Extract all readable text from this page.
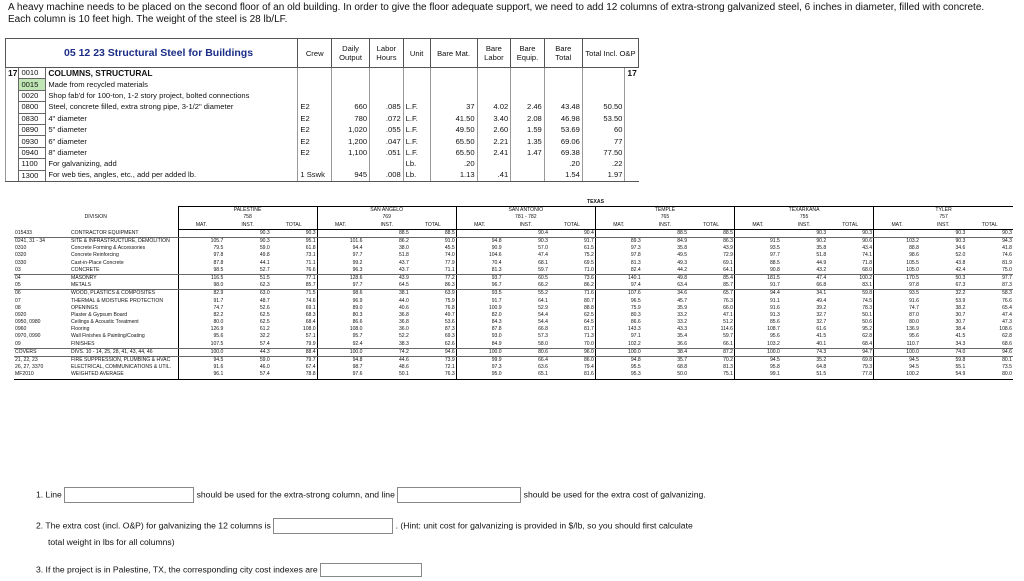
A heavy machine needs to be placed on the second floor of an old building. In order to give the floor adequate support, we need to add 12 columns of extra-strong galvanized steel, 6 inches in diameter, filled with concrete. Each column is 10 feet high. The weight of the steel is 28 lb/LF.
05 12 23 Structural Steel for Buildings			Crew	Daily Output	Labor Hours	Unit	Bare Mat.	Bare Labor	Bare Equip.	Bare Total	Total Incl. O&P	
17	0010	COLUMNS, STRUCTURAL										17
	0015	Made from recycled materials										
	0020	Shop fab'd for 100-ton, 1-2 story project, bolted connections										
	0800	Steel, concrete filled, extra strong pipe, 3-1/2" diameter	E2	660	.085	L.F.	37	4.02	2.46	43.48	50.50	
	0830	4" diameter	E2	780	.072	L.F.	41.50	3.40	2.08	46.98	53.50	
	0890	5" diameter	E2	1,020	.055	L.F.	49.50	2.60	1.59	53.69	60	
	0930	6" diameter	E2	1,200	.047	L.F.	65.50	2.21	1.35	69.06	77	
	0940	8" diameter	E2	1,100	.051	L.F.	65.50	2.41	1.47	69.38	77.50	
	1100	For galvanizing, add				Lb.	.20			.20	.22	
	1300	For web ties, angles, etc., add per added lb.	1 Sswk	945	.008	Lb.	1.13	.41		1.54	1.97	
		TEXAS																	
DIVISION		PALESTINE			SAN ANGELO			SAN ANTONIO			TEMPLE			TEXARKANA			TYLER		
		758			769			781 - 782			765			755			757		
		MAT.	INST.	TOTAL	MAT.	INST.	TOTAL	MAT.	INST.	TOTAL	MAT.	INST.	TOTAL	MAT.	INST.	TOTAL	MAT.	INST.	TOTAL
015433	CONTRACTOR EQUIPMENT		90.3	90.3		88.5	88.5		90.4	90.4		88.5	88.5		90.3	90.3		90.3	90.3
0241, 31 - 34	SITE & INFRASTRUCTURE, DEMOLITION	105.7	90.3	95.1	101.6	86.2	91.0	94.8	90.3	91.7	89.3	84.9	86.3	91.5	90.2	90.6	103.2	90.3	94.3
0310	Concrete Forming & Accessories	79.5	59.0	61.8	94.4	38.0	45.5	90.9	57.0	61.5	97.3	35.8	43.9	93.5	35.8	43.4	88.8	34.6	41.8
0320	Concrete Reinforcing	97.8	49.8	73.1	97.7	51.8	74.0	104.6	47.4	75.2	97.8	49.5	72.9	97.7	51.8	74.1	98.6	52.0	74.6
0330	Cast-in-Place Concrete	87.8	44.1	71.1	99.2	43.7	77.9	70.4	68.1	69.5	81.3	49.3	69.1	88.5	44.9	71.8	105.5	43.8	81.9
03	CONCRETE	98.5	52.7	76.6	96.3	43.7	71.1	81.3	59.7	71.0	82.4	44.2	64.1	90.8	43.2	68.0	105.0	42.4	75.0
04	MASONRY	116.5	51.5	77.1	128.6	43.9	77.2	93.7	60.5	73.6	140.1	49.8	85.4	181.5	47.4	100.2	170.5	50.3	97.7
05	METALS	98.0	62.3	85.7	97.7	64.5	86.3	96.7	66.2	86.2	97.4	63.4	85.7	91.7	66.8	83.1	97.8	67.3	87.3
06	WOOD, PLASTICS & COMPOSITES	82.9	63.0	71.5	98.6	38.1	63.9	93.5	55.2	71.6	107.6	34.6	65.7	94.4	34.1	59.8	93.5	32.2	58.3
07	THERMAL & MOISTURE PROTECTION	91.7	48.7	74.6	96.9	44.0	75.9	91.7	64.1	80.7	96.5	45.7	76.3	91.1	49.4	74.5	91.6	53.9	76.6
08	OPENINGS	74.7	52.6	69.1	89.0	40.6	76.8	100.9	52.9	88.8	75.9	35.9	66.0	91.6	39.2	78.3	74.7	38.2	65.4
0920	Plaster & Gypsum Board	82.2	62.5	68.3	80.3	36.8	49.7	82.0	54.4	62.5	80.3	33.2	47.1	91.3	32.7	50.1	87.0	30.7	47.4
0950, 0980	Ceilings & Acoustic Treatment	80.0	62.5	68.4	86.6	36.8	53.6	84.3	54.4	64.5	86.6	33.2	51.2	85.6	32.7	50.6	80.0	30.7	47.3
0960	Flooring	126.9	61.2	108.0	108.0	36.0	87.3	87.8	66.8	81.7	143.3	43.3	114.6	108.7	61.6	95.2	136.9	38.4	108.6
0970, 0990	Wall Finishes & Painting/Coating	95.6	32.2	57.1	95.7	52.2	69.3	93.0	57.3	71.3	97.1	35.4	59.7	95.6	41.5	62.8	95.6	41.5	62.8
09	FINISHES	107.5	57.4	79.9	92.4	38.3	62.6	84.9	58.0	70.0	102.2	36.6	66.1	103.2	40.1	68.4	110.7	34.3	68.6
COVERS	DIVS. 10 - 14, 25, 28, 41, 43, 44, 46	100.0	44.3	88.4	100.0	74.2	94.6	100.0	80.6	96.0	100.0	38.4	87.2	100.0	74.3	94.7	100.0	74.0	94.6
21, 22, 23	FIRE SUPPRESSION, PLUMBING & HVAC	94.5	59.0	79.7	94.8	44.6	73.9	99.9	66.4	86.0	94.8	35.7	70.2	94.5	35.2	69.8	94.5	59.8	80.1
26, 27, 3370	ELECTRICAL, COMMUNICATIONS & UTIL.	91.6	46.0	67.4	98.7	48.6	72.1	97.3	63.6	79.4	95.5	68.8	81.3	95.8	64.8	79.3	94.5	55.1	73.5
MF2010	WEIGHTED AVERAGE	96.1	57.4	78.8	97.6	50.1	76.3	95.0	65.1	81.6	95.3	50.0	75.1	99.1	51.5	77.8	100.2	54.9	80.0
1. Line	should be used for the extra-strong column, and line	should be used for the extra cost of galvanizing.
2. The extra cost (incl. O&P) for galvanizing the 12 columns is	. (Hint: unit cost for galvanizing is provided in $/lb, so you should first calculate
total weight in lbs for all columns)
3. If the project is in Palestine, TX, the corresponding city cost indexes are
